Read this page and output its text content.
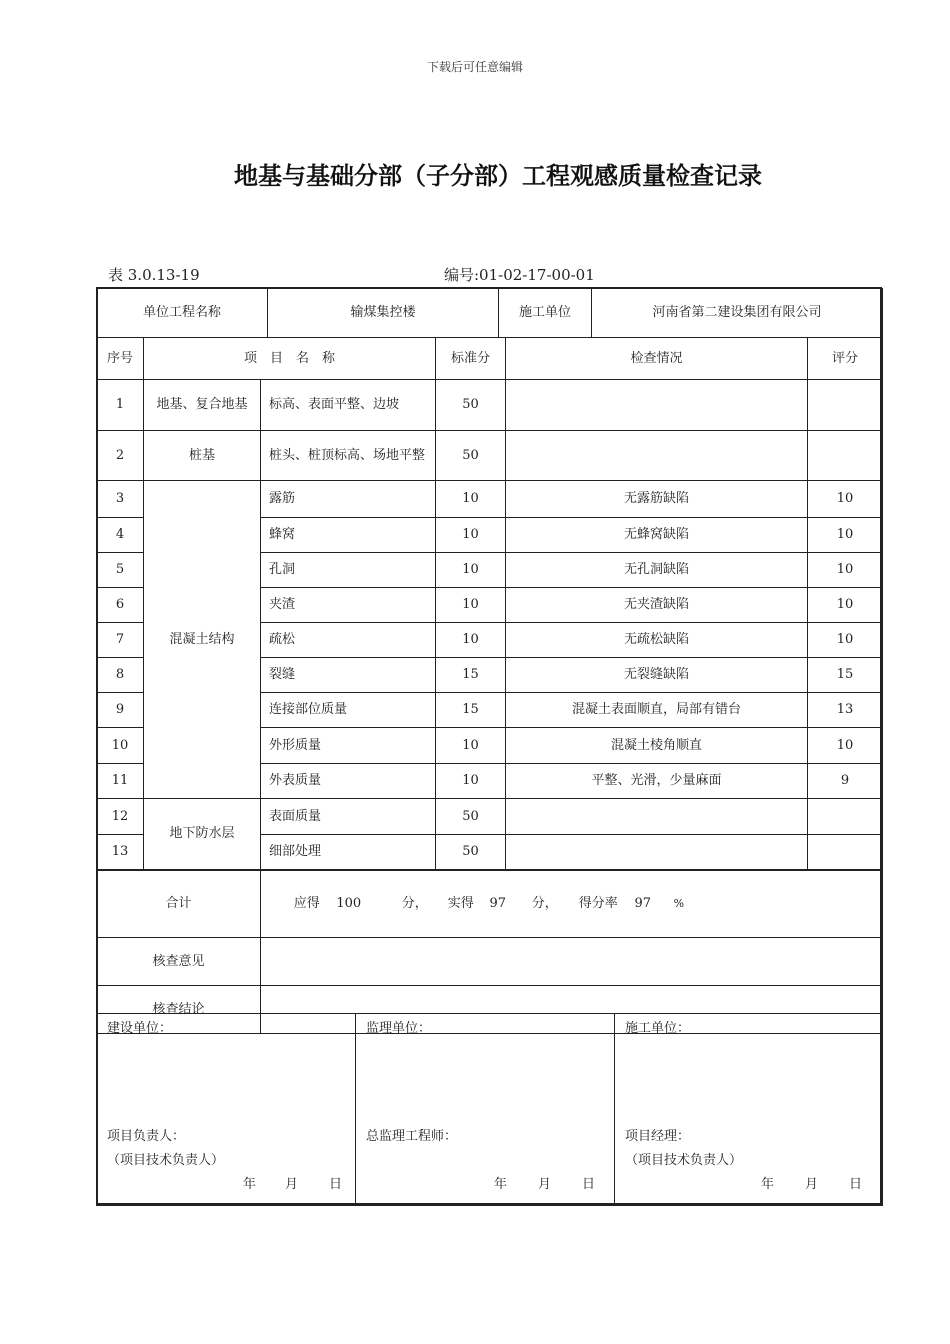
下载后可任意编辑
地基与基础分部（子分部）工程观感质量检查记录
表 3.0.13-19	编号:01-02-17-00-01
单位工程名称	输煤集控楼	施工单位	河南省第二建设集团有限公司
序号	项　目　名　称		标准分	检查情况	评分
1	地基、复合地基	标高、表面平整、边坡	50		
2	桩基	桩头、桩顶标高、场地平整	50		
3	混凝土结构	露筋	10	无露筋缺陷	10
4		蜂窝	10	无蜂窝缺陷	10
5		孔洞	10	无孔洞缺陷	10
6		夹渣	10	无夹渣缺陷	10
7		疏松	10	无疏松缺陷	10
8		裂缝	15	无裂缝缺陷	15
9		连接部位质量	15	混凝土表面顺直，局部有错台	13
10		外形质量	10	混凝土棱角顺直	10
11		外表质量	10	平整、光滑，少量麻面	9
12	地下防水层	表面质量	50		
13		细部处理	50		
合计	应得 100 分， 实得 97 分， 得分率 97 %

核查意见	
核查结论	
建设单位：
项目负责人：
（项目技术负责人）
年 月 日

监理单位：
总监理工程师：
年 月 日

施工单位：
项目经理：
（项目技术负责人）
年 月 日
